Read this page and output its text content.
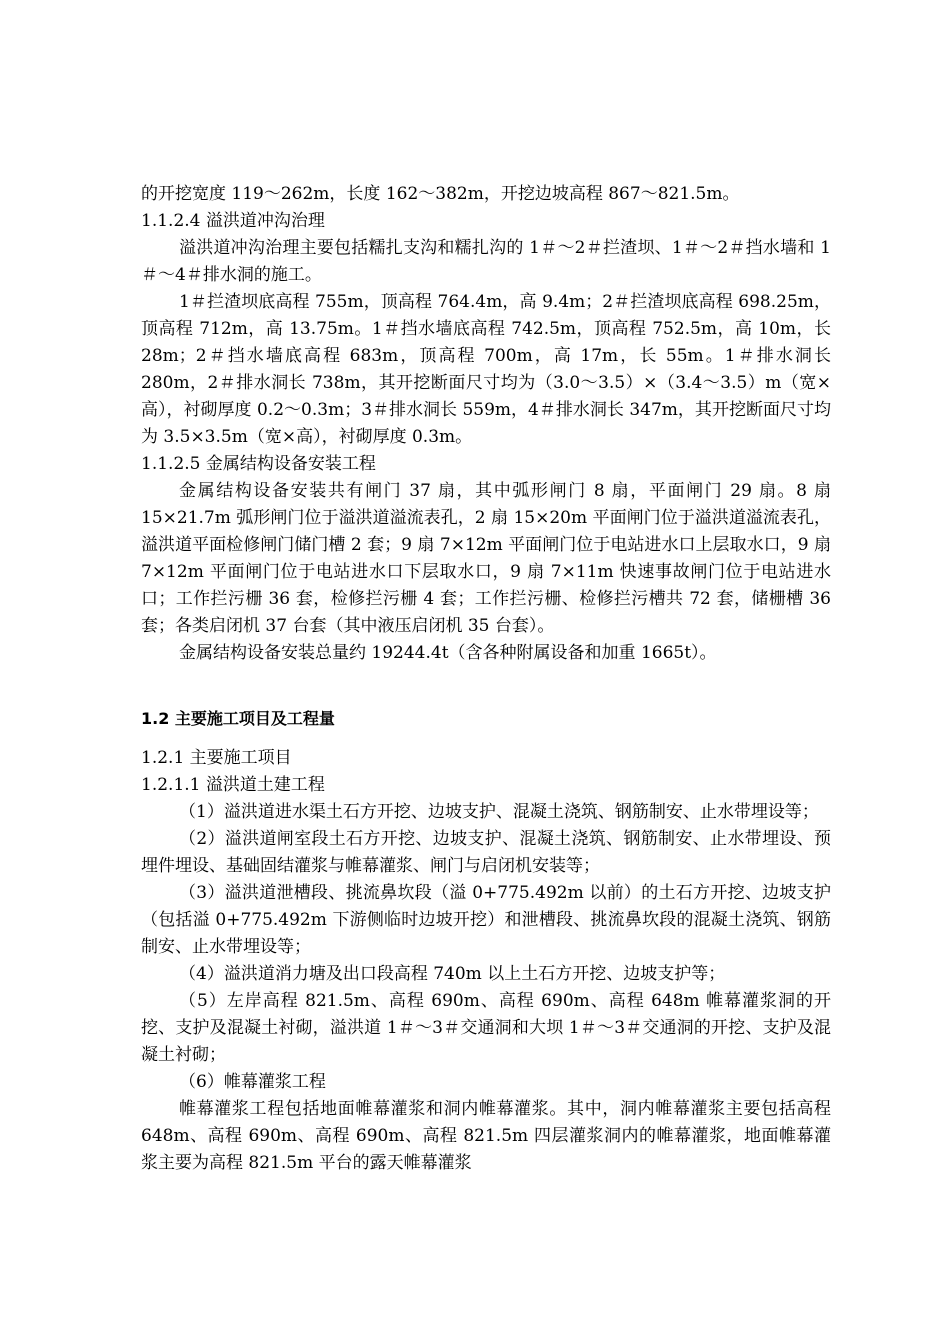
的开挖宽度 119～262m，长度 162～382m，开挖边坡高程 867～821.5m。

1.1.2.4 溢洪道冲沟治理

溢洪道冲沟治理主要包括糯扎支沟和糯扎沟的 1＃～2＃拦渣坝、1＃～2＃挡水墙和 1＃～4＃排水洞的施工。

1＃拦渣坝底高程 755m，顶高程 764.4m，高 9.4m；2＃拦渣坝底高程 698.25m，顶高程 712m，高 13.75m。1＃挡水墙底高程 742.5m，顶高程 752.5m，高 10m，长 28m；2＃挡水墙底高程 683m，顶高程 700m，高 17m，长 55m。1＃排水洞长 280m，2＃排水洞长 738m，其开挖断面尺寸均为（3.0～3.5）×（3.4～3.5）m（宽×高），衬砌厚度 0.2～0.3m；3＃排水洞长 559m，4＃排水洞长 347m，其开挖断面尺寸均为 3.5×3.5m（宽×高），衬砌厚度 0.3m。

1.1.2.5 金属结构设备安装工程

金属结构设备安装共有闸门 37 扇，其中弧形闸门 8 扇，平面闸门 29 扇。8 扇 15×21.7m 弧形闸门位于溢洪道溢流表孔，2 扇 15×20m 平面闸门位于溢洪道溢流表孔，溢洪道平面检修闸门储门槽 2 套；9 扇 7×12m 平面闸门位于电站进水口上层取水口，9 扇 7×12m 平面闸门位于电站进水口下层取水口，9 扇 7×11m 快速事故闸门位于电站进水口；工作拦污栅 36 套，检修拦污栅 4 套；工作拦污栅、检修拦污槽共 72 套，储栅槽 36 套；各类启闭机 37 台套（其中液压启闭机 35 台套）。

金属结构设备安装总量约 19244.4t（含各种附属设备和加重 1665t）。

1.2 主要施工项目及工程量

1.2.1 主要施工项目

1.2.1.1 溢洪道土建工程

（1）溢洪道进水渠土石方开挖、边坡支护、混凝土浇筑、钢筋制安、止水带埋设等；

（2）溢洪道闸室段土石方开挖、边坡支护、混凝土浇筑、钢筋制安、止水带埋设、预埋件埋设、基础固结灌浆与帷幕灌浆、闸门与启闭机安装等；

（3）溢洪道泄槽段、挑流鼻坎段（溢 0+775.492m 以前）的土石方开挖、边坡支护（包括溢 0+775.492m 下游侧临时边坡开挖）和泄槽段、挑流鼻坎段的混凝土浇筑、钢筋制安、止水带埋设等；

（4）溢洪道消力塘及出口段高程 740m 以上土石方开挖、边坡支护等；

（5）左岸高程 821.5m、高程 690m、高程 690m、高程 648m 帷幕灌浆洞的开挖、支护及混凝土衬砌，溢洪道 1＃～3＃交通洞和大坝 1＃～3＃交通洞的开挖、支护及混凝土衬砌；

（6）帷幕灌浆工程

帷幕灌浆工程包括地面帷幕灌浆和洞内帷幕灌浆。其中，洞内帷幕灌浆主要包括高程 648m、高程 690m、高程 690m、高程 821.5m 四层灌浆洞内的帷幕灌浆，地面帷幕灌浆主要为高程 821.5m 平台的露天帷幕灌浆
